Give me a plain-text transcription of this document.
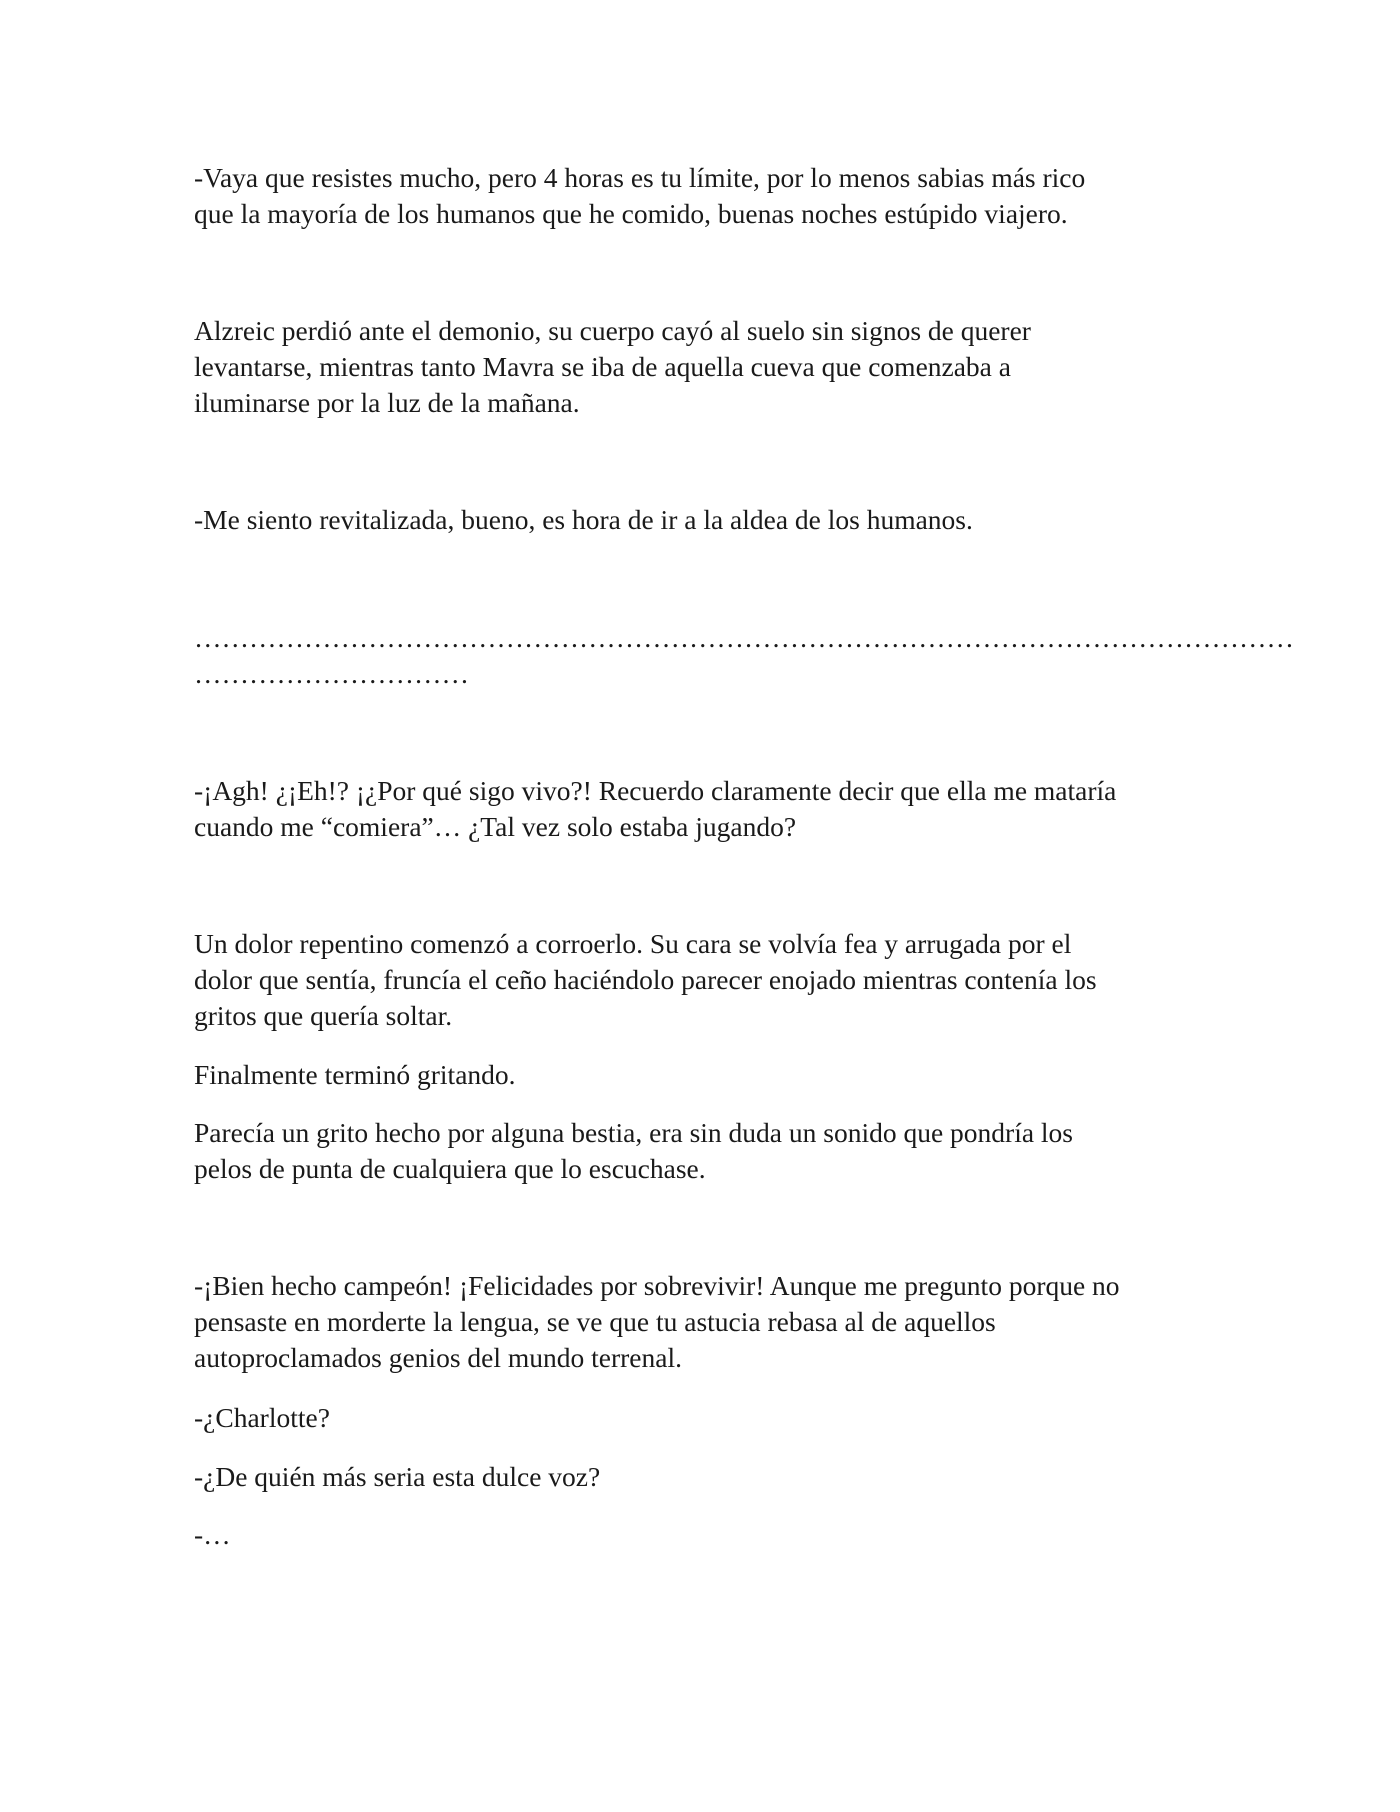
-Vaya que resistes mucho, pero 4 horas es tu límite, por lo menos sabias más rico
que la mayoría de los humanos que he comido, buenas noches estúpido viajero.

Alzreic perdió ante el demonio, su cuerpo cayó al suelo sin signos de querer
levantarse, mientras tanto Mavra se iba de aquella cueva que comenzaba a
iluminarse por la luz de la mañana.

-Me siento revitalizada, bueno, es hora de ir a la aldea de los humanos.

…………………………………………………………………………………………………………
…………………………

-¡Agh! ¿¡Eh!? ¡¿Por qué sigo vivo?! Recuerdo claramente decir que ella me mataría
cuando me “comiera”… ¿Tal vez solo estaba jugando?

Un dolor repentino comenzó a corroerlo. Su cara se volvía fea y arrugada por el
dolor que sentía, fruncía el ceño haciéndolo parecer enojado mientras contenía los
gritos que quería soltar.

Finalmente terminó gritando.

Parecía un grito hecho por alguna bestia, era sin duda un sonido que pondría los
pelos de punta de cualquiera que lo escuchase.

-¡Bien hecho campeón! ¡Felicidades por sobrevivir! Aunque me pregunto porque no
pensaste en morderte la lengua, se ve que tu astucia rebasa al de aquellos
autoproclamados genios del mundo terrenal.

-¿Charlotte?

-¿De quién más seria esta dulce voz?

-…
